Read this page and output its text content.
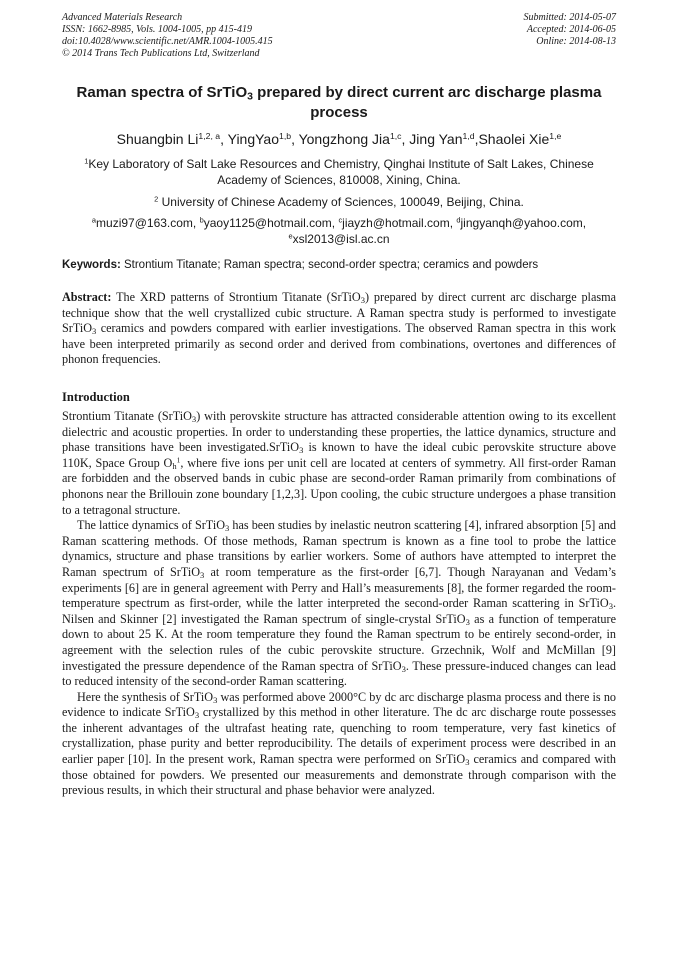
Advanced Materials Research
ISSN: 1662-8985, Vols. 1004-1005, pp 415-419
doi:10.4028/www.scientific.net/AMR.1004-1005.415
© 2014 Trans Tech Publications Ltd, Switzerland
Submitted: 2014-05-07
Accepted: 2014-06-05
Online: 2014-08-13
Raman spectra of SrTiO$_3$ prepared by direct current arc discharge plasma process
Shuangbin Li$^{1,2, a}$, YingYao$^{1,b}$, Yongzhong Jia$^{1,c}$, Jing Yan$^{1,d}$,Shaolei Xie$^{1,e}$
$^1$Key Laboratory of Salt Lake Resources and Chemistry, Qinghai Institute of Salt Lakes, Chinese Academy of Sciences, 810008, Xining, China.
$^2$ University of Chinese Academy of Sciences, 100049, Beijing, China.
$^a$muzi97@163.com, $^b$yaoy1125@hotmail.com, $^c$jiayzh@hotmail.com, $^d$jingyanqh@yahoo.com,
$^e$xsl2013@isl.ac.cn
Keywords: Strontium Titanate; Raman spectra; second-order spectra; ceramics and powders
Abstract: The XRD patterns of Strontium Titanate (SrTiO$_3$) prepared by direct current arc discharge plasma technique show that the well crystallized cubic structure. A Raman spectra study is performed to investigate SrTiO$_3$ ceramics and powders compared with earlier investigations. The observed Raman spectra in this work have been interpreted primarily as second order and derived from combinations, overtones and differences of phonon frequencies.
Introduction

Strontium Titanate (SrTiO$_3$) with perovskite structure has attracted considerable attention owing to its excellent dielectric and acoustic properties. In order to understanding these properties, the lattice dynamics, structure and phase transitions have been investigated.SrTiO$_3$ is known to have the ideal cubic perovskite structure above 110K, Space Group $O_h^1$, where five ions per unit cell are located at centers of symmetry. All first-order Raman are forbidden and the observed bands in cubic phase are second-order Raman primarily from combinations of phonons near the Brillouin zone boundary [1,2,3]. Upon cooling, the cubic structure undergoes a phase transition to a tetragonal structure.

The lattice dynamics of SrTiO$_3$ has been studies by inelastic neutron scattering [4], infrared absorption [5] and Raman scattering methods. Of those methods, Raman spectrum is known as a fine tool to probe the lattice dynamics, structure and phase transitions by earlier workers. Some of authors have attempted to interpret the Raman spectrum of SrTiO$_3$ at room temperature as the first-order [6,7]. Though Narayanan and Vedam’s experiments [6] are in general agreement with Perry and Hall’s measurements [8], the former regarded the room-temperature spectrum as first-order, while the latter interpreted the second-order Raman scattering in SrTiO$_3$. Nilsen and Skinner [2] investigated the Raman spectrum of single-crystal SrTiO$_3$ as a function of temperature down to about 25 K. At the room temperature they found the Raman spectrum to be entirely second-order, in agreement with the selection rules of the cubic perovskite structure. Grzechnik, Wolf and McMillan [9] investigated the pressure dependence of the Raman spectra of SrTiO$_3$. These pressure-induced changes can lead to reduced intensity of the second-order Raman scattering.

Here the synthesis of SrTiO$_3$ was performed above 2000°C by dc arc discharge plasma process and there is no evidence to indicate SrTiO$_3$ crystallized by this method in other literature. The dc arc discharge route possesses the inherent advantages of the ultrafast heating rate, quenching to room temperature, very fast kinetics of crystallization, phase purity and better reproducibility. The details of experiment process were described in an earlier paper [10]. In the present work, Raman spectra were performed on SrTiO$_3$ ceramics and compared with those obtained for powders. We presented our measurements and demonstrate through comparison with the previous results, in which their structural and phase behavior were analyzed.
